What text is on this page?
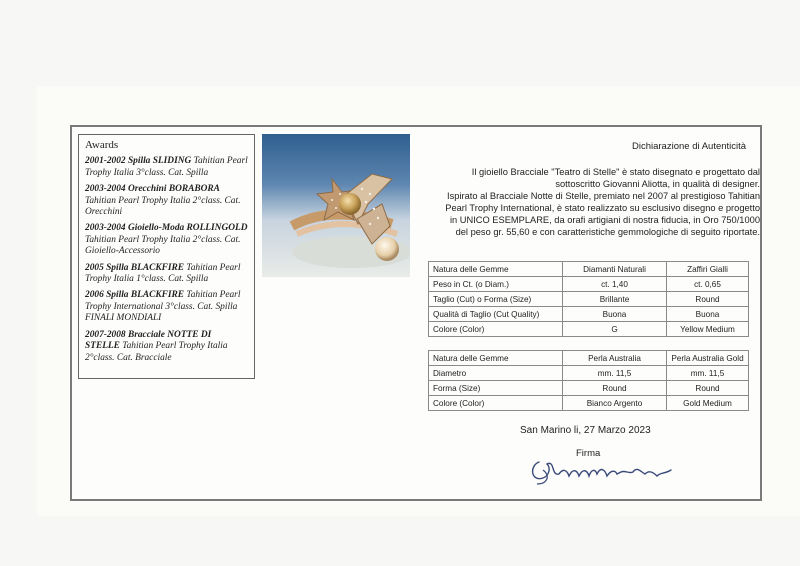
Awards
2001-2002 Spilla SLIDING Tahitian Pearl Trophy Italia 3°class. Cat. Spilla
2003-2004 Orecchini BORABORA Tahitian Pearl Trophy Italia 2°class. Cat. Orecchini
2003-2004 Gioiello-Moda ROLLINGOLD Tahitian Pearl Trophy Italia 2°class. Cat. Gioiello-Accessorio
2005 Spilla BLACKFIRE Tahitian Pearl Trophy Italia 1°class. Cat. Spilla
2006 Spilla BLACKFIRE Tahitian Pearl Trophy International 3°class. Cat. Spilla FINALI MONDIALI
2007-2008 Bracciale NOTTE DI STELLE Tahitian Pearl Trophy Italia 2°class. Cat. Bracciale
Dichiarazione di Autenticità
Il gioiello Bracciale "Teatro di Stelle" è stato disegnato e progettato dal
sottoscritto Giovanni Aliotta, in qualità di designer.
Ispirato al Bracciale Notte di Stelle, premiato nel 2007 al prestigioso Tahitian
Pearl Trophy International, è stato realizzato su esclusivo disegno e progetto
in UNICO ESEMPLARE, da orafi artigiani di nostra fiducia, in Oro 750/1000
del peso gr. 55,60 e con caratteristiche gemmologiche di seguito riportate.
Natura delle Gemme	Diamanti Naturali	Zaffiri Gialli
Peso in Ct. (o Diam.)	ct. 1,40	ct. 0,65
Taglio (Cut) o Forma (Size)	Brillante	Round
Qualità di Taglio (Cut Quality)	Buona	Buona
Colore (Color)	G	Yellow Medium
Natura delle Gemme	Perla Australia	Perla Australia Gold
Diametro	mm. 11,5	mm. 11,5
Forma (Size)	Round	Round
Colore (Color)	Bianco Argento	Gold Medium
San Marino li, 27 Marzo 2023
Firma
